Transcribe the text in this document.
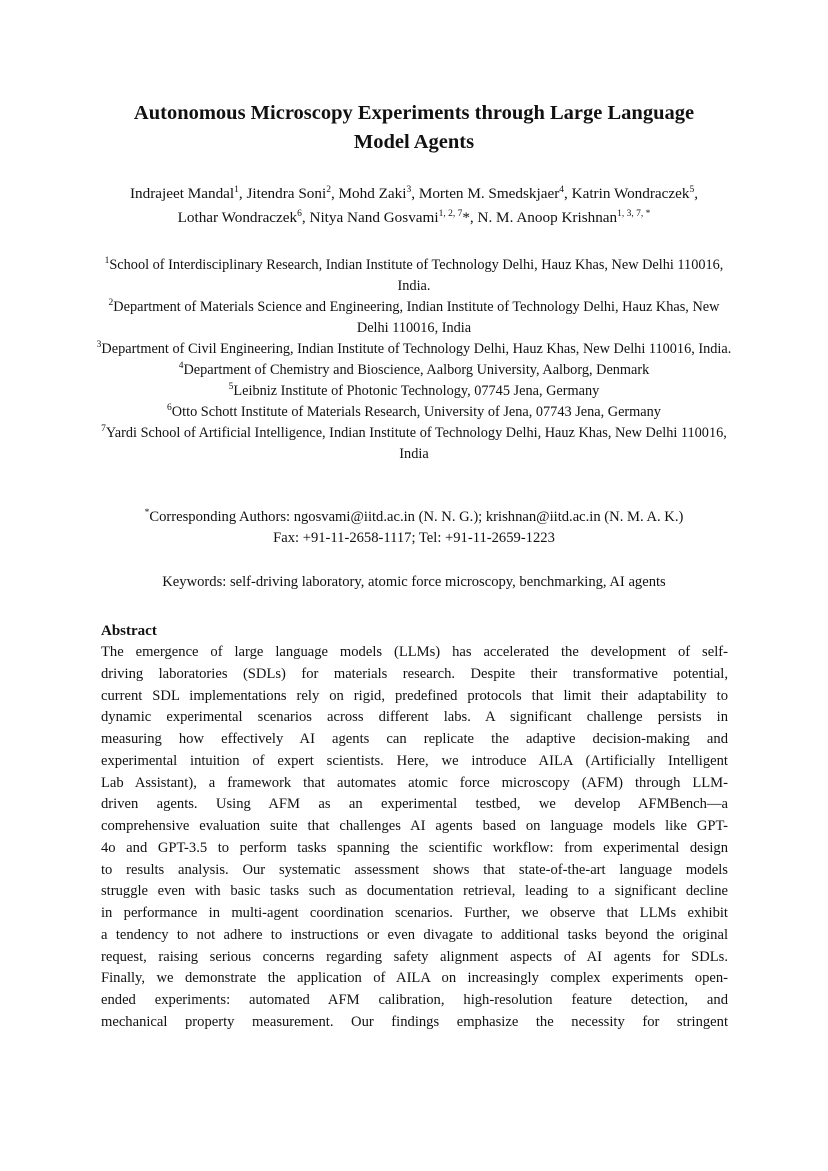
Autonomous Microscopy Experiments through Large Language
Model Agents
Indrajeet Mandal$^1$, Jitendra Soni$^2$, Mohd Zaki$^3$, Morten M. Smedskjaer$^4$, Katrin Wondraczek$^5$,
Lothar Wondraczek$^6$, Nitya Nand Gosvami$^{1, 2, 7}$*, N. M. Anoop Krishnan$^{1, 3, 7, *}$

$^1$School of Interdisciplinary Research, Indian Institute of Technology Delhi, Hauz Khas, New Delhi 110016, India.

$^2$Department of Materials Science and Engineering, Indian Institute of Technology Delhi, Hauz Khas, New Delhi 110016, India

$^3$Department of Civil Engineering, Indian Institute of Technology Delhi, Hauz Khas, New Delhi 110016, India.

$^4$Department of Chemistry and Bioscience, Aalborg University, Aalborg, Denmark

$^5$Leibniz Institute of Photonic Technology, 07745 Jena, Germany

$^6$Otto Schott Institute of Materials Research, University of Jena, 07743 Jena, Germany

$^7$Yardi School of Artificial Intelligence, Indian Institute of Technology Delhi, Hauz Khas, New Delhi 110016, India

*Corresponding Authors: ngosvami@iitd.ac.in (N. N. G.); krishnan@iitd.ac.in (N. M. A. K.)
Fax: +91-11-2658-1117; Tel: +91-11-2659-1223
Keywords: self-driving laboratory, atomic force microscopy, benchmarking, AI agents
Abstract
The emergence of large language models (LLMs) has accelerated the development of self-
driving laboratories (SDLs) for materials research. Despite their transformative potential,
current SDL implementations rely on rigid, predefined protocols that limit their adaptability to
dynamic experimental scenarios across different labs. A significant challenge persists in
measuring how effectively AI agents can replicate the adaptive decision-making and
experimental intuition of expert scientists. Here, we introduce AILA (Artificially Intelligent
Lab Assistant), a framework that automates atomic force microscopy (AFM) through LLM-
driven agents. Using AFM as an experimental testbed, we develop AFMBench—a
comprehensive evaluation suite that challenges AI agents based on language models like GPT-
4o and GPT-3.5 to perform tasks spanning the scientific workflow: from experimental design
to results analysis. Our systematic assessment shows that state-of-the-art language models
struggle even with basic tasks such as documentation retrieval, leading to a significant decline
in performance in multi-agent coordination scenarios. Further, we observe that LLMs exhibit
a tendency to not adhere to instructions or even divagate to additional tasks beyond the original
request, raising serious concerns regarding safety alignment aspects of AI agents for SDLs.
Finally, we demonstrate the application of AILA on increasingly complex experiments open-
ended experiments: automated AFM calibration, high-resolution feature detection, and
mechanical property measurement. Our findings emphasize the necessity for stringent
